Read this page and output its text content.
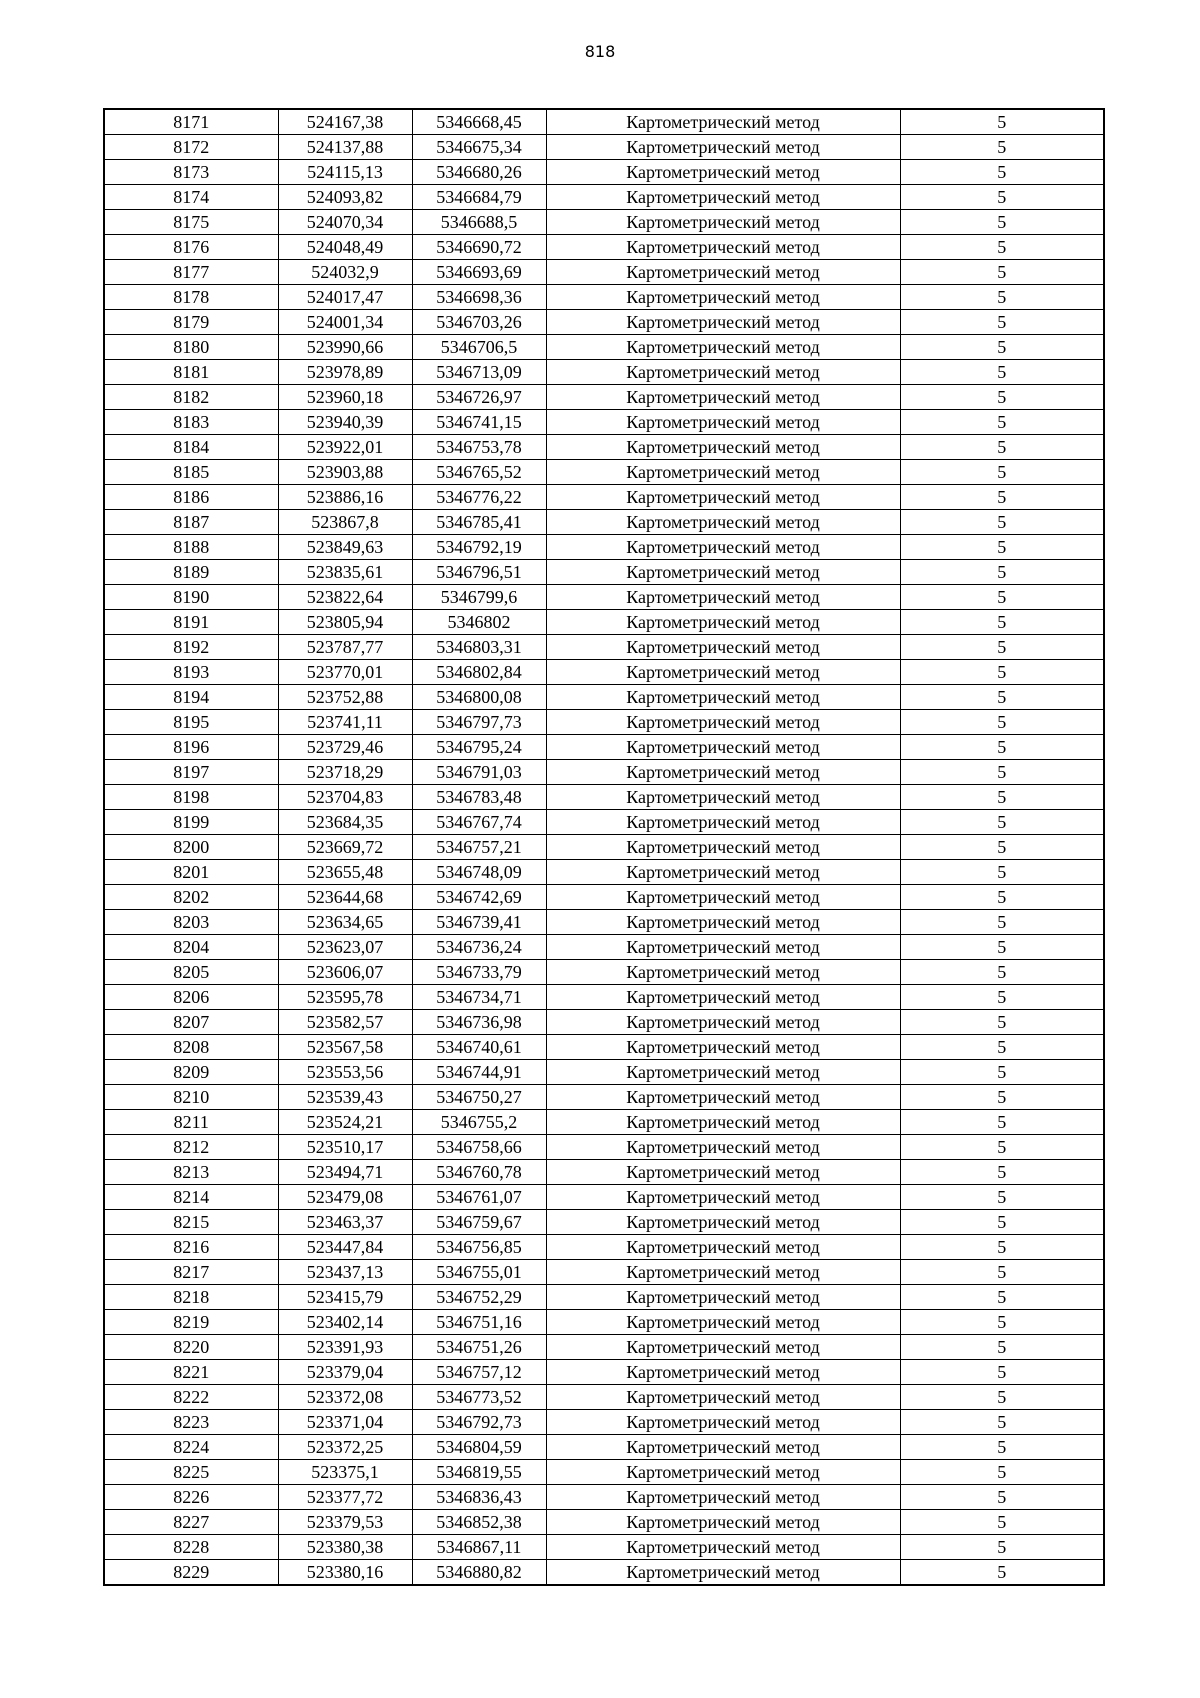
818
8171	524167,38	5346668,45	Картометрический метод	5
8172	524137,88	5346675,34	Картометрический метод	5
8173	524115,13	5346680,26	Картометрический метод	5
8174	524093,82	5346684,79	Картометрический метод	5
8175	524070,34	5346688,5	Картометрический метод	5
8176	524048,49	5346690,72	Картометрический метод	5
8177	524032,9	5346693,69	Картометрический метод	5
8178	524017,47	5346698,36	Картометрический метод	5
8179	524001,34	5346703,26	Картометрический метод	5
8180	523990,66	5346706,5	Картометрический метод	5
8181	523978,89	5346713,09	Картометрический метод	5
8182	523960,18	5346726,97	Картометрический метод	5
8183	523940,39	5346741,15	Картометрический метод	5
8184	523922,01	5346753,78	Картометрический метод	5
8185	523903,88	5346765,52	Картометрический метод	5
8186	523886,16	5346776,22	Картометрический метод	5
8187	523867,8	5346785,41	Картометрический метод	5
8188	523849,63	5346792,19	Картометрический метод	5
8189	523835,61	5346796,51	Картометрический метод	5
8190	523822,64	5346799,6	Картометрический метод	5
8191	523805,94	5346802	Картометрический метод	5
8192	523787,77	5346803,31	Картометрический метод	5
8193	523770,01	5346802,84	Картометрический метод	5
8194	523752,88	5346800,08	Картометрический метод	5
8195	523741,11	5346797,73	Картометрический метод	5
8196	523729,46	5346795,24	Картометрический метод	5
8197	523718,29	5346791,03	Картометрический метод	5
8198	523704,83	5346783,48	Картометрический метод	5
8199	523684,35	5346767,74	Картометрический метод	5
8200	523669,72	5346757,21	Картометрический метод	5
8201	523655,48	5346748,09	Картометрический метод	5
8202	523644,68	5346742,69	Картометрический метод	5
8203	523634,65	5346739,41	Картометрический метод	5
8204	523623,07	5346736,24	Картометрический метод	5
8205	523606,07	5346733,79	Картометрический метод	5
8206	523595,78	5346734,71	Картометрический метод	5
8207	523582,57	5346736,98	Картометрический метод	5
8208	523567,58	5346740,61	Картометрический метод	5
8209	523553,56	5346744,91	Картометрический метод	5
8210	523539,43	5346750,27	Картометрический метод	5
8211	523524,21	5346755,2	Картометрический метод	5
8212	523510,17	5346758,66	Картометрический метод	5
8213	523494,71	5346760,78	Картометрический метод	5
8214	523479,08	5346761,07	Картометрический метод	5
8215	523463,37	5346759,67	Картометрический метод	5
8216	523447,84	5346756,85	Картометрический метод	5
8217	523437,13	5346755,01	Картометрический метод	5
8218	523415,79	5346752,29	Картометрический метод	5
8219	523402,14	5346751,16	Картометрический метод	5
8220	523391,93	5346751,26	Картометрический метод	5
8221	523379,04	5346757,12	Картометрический метод	5
8222	523372,08	5346773,52	Картометрический метод	5
8223	523371,04	5346792,73	Картометрический метод	5
8224	523372,25	5346804,59	Картометрический метод	5
8225	523375,1	5346819,55	Картометрический метод	5
8226	523377,72	5346836,43	Картометрический метод	5
8227	523379,53	5346852,38	Картометрический метод	5
8228	523380,38	5346867,11	Картометрический метод	5
8229	523380,16	5346880,82	Картометрический метод	5
